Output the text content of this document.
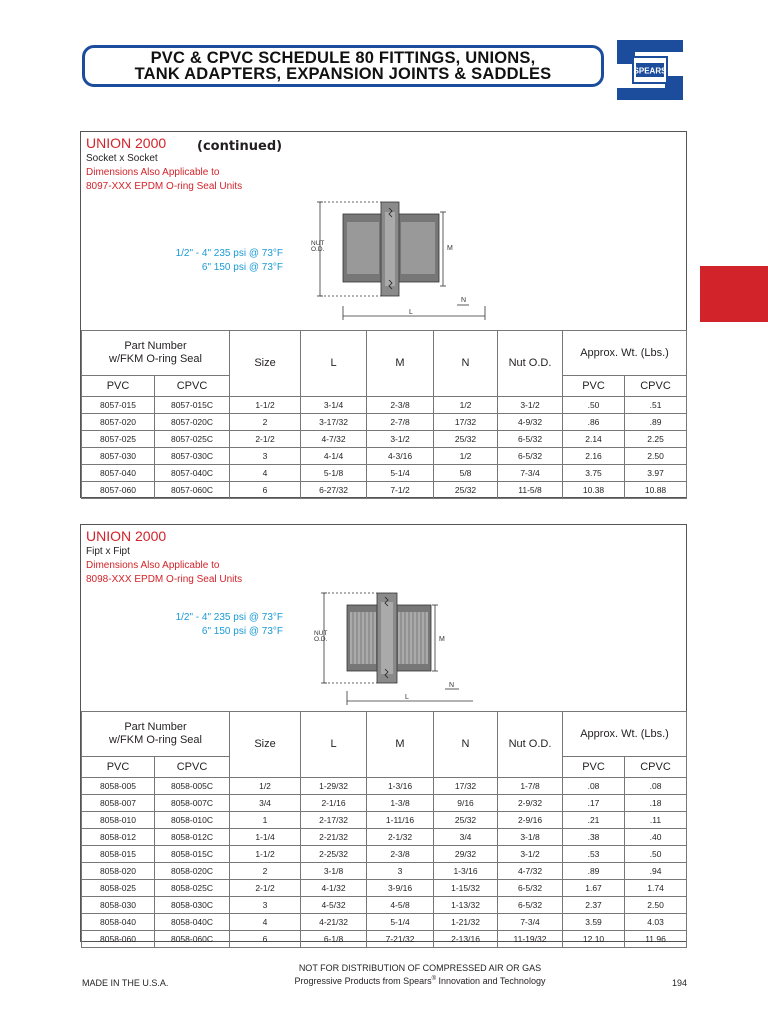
PVC & CPVC SCHEDULE 80 FITTINGS, UNIONS,
TANK ADAPTERS, EXPANSION JOINTS & SADDLES	SPEARS
UNION 2000 (continued)
Socket x Socket
Dimensions Also Applicable to
8097-XXX EPDM O-ring Seal Units
1/2" - 4" 235 psi @ 73°F
6" 150 psi @ 73°F
NUT
O.D.	M
N
L
Part Number
w/FKM O-ring Seal		Size	L	M	N	Nut O.D.	Approx. Wt. (Lbs.)	
PVC	CPVC						PVC	CPVC
8057-015	8057-015C	1-1/2	3-1/4	2-3/8	1/2	3-1/2	.50	.51
8057-020	8057-020C	2	3-17/32	2-7/8	17/32	4-9/32	.86	.89
8057-025	8057-025C	2-1/2	4-7/32	3-1/2	25/32	6-5/32	2.14	2.25
8057-030	8057-030C	3	4-1/4	4-3/16	1/2	6-5/32	2.16	2.50
8057-040	8057-040C	4	5-1/8	5-1/4	5/8	7-3/4	3.75	3.97
8057-060	8057-060C	6	6-27/32	7-1/2	25/32	11-5/8	10.38	10.88
UNION 2000
Fipt x Fipt
Dimensions Also Applicable to
8098-XXX EPDM O-ring Seal Units
1/2" - 4" 235 psi @ 73°F
6" 150 psi @ 73°F	NUT
O.D.	M
N
L
Part Number
w/FKM O-ring Seal		Size	L	M	N	Nut O.D.	Approx. Wt. (Lbs.)	
PVC	CPVC						PVC	CPVC
8058-005	8058-005C	1/2	1-29/32	1-3/16	17/32	1-7/8	.08	.08
8058-007	8058-007C	3/4	2-1/16	1-3/8	9/16	2-9/32	.17	.18
8058-010	8058-010C	1	2-17/32	1-11/16	25/32	2-9/16	.21	.11
8058-012	8058-012C	1-1/4	2-21/32	2-1/32	3/4	3-1/8	.38	.40
8058-015	8058-015C	1-1/2	2-25/32	2-3/8	29/32	3-1/2	.53	.50
8058-020	8058-020C	2	3-1/8	3	1-3/16	4-7/32	.89	.94
8058-025	8058-025C	2-1/2	4-1/32	3-9/16	1-15/32	6-5/32	1.67	1.74
8058-030	8058-030C	3	4-5/32	4-5/8	1-13/32	6-5/32	2.37	2.50
8058-040	8058-040C	4	4-21/32	5-1/4	1-21/32	7-3/4	3.59	4.03
8058-060	8058-060C	6	6-1/8	7-21/32	2-13/16	11-19/32	12.10	11.96
MADE IN THE U.S.A.
NOT FOR DISTRIBUTION OF COMPRESSED AIR OR GAS
Progressive Products from Spears® Innovation and Technology	194
